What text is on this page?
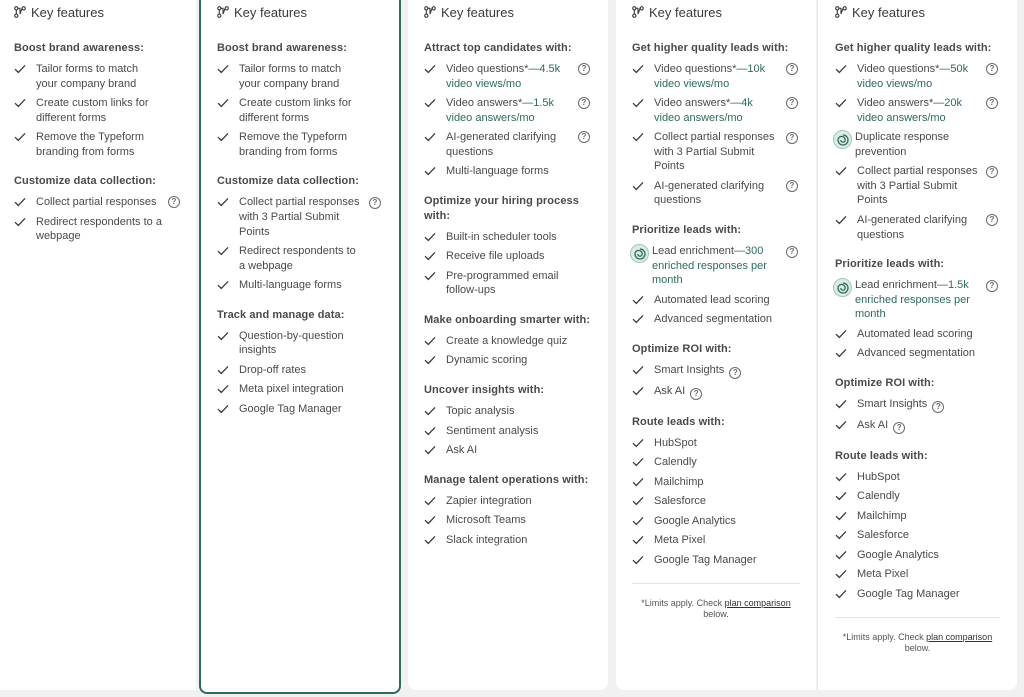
Key features
Boost brand awareness:
Tailor forms to match your company brand
Create custom links for different forms
Remove the Typeform branding from forms
Customize data collection:
Collect partial responses	?
Redirect respondents to a webpage
Key features
Boost brand awareness:
Tailor forms to match your company brand
Create custom links for different forms
Remove the Typeform branding from forms
Customize data collection:
Collect partial responses with 3 Partial Submit Points
?
Redirect respondents to a webpage
Multi-language forms
Track and manage data:
Question-by-question insights
Drop-off rates
Meta pixel integration
Google Tag Manager
Key features
Attract top candidates with:
Video questions*—4.5k video views/mo
?
Video answers*—1.5k video answers/mo
?
AI-generated clarifying questions
?
Multi-language forms
Optimize your hiring process with:
Built-in scheduler tools
Receive file uploads
Pre-programmed email follow-ups
Make onboarding smarter with:
Create a knowledge quiz
Dynamic scoring
Uncover insights with:
Topic analysis
Sentiment analysis
Ask AI
Manage talent operations with:
Zapier integration
Microsoft Teams
Slack integration
Key features
Get higher quality leads with:
Video questions*—10k video views/mo
?
Video answers*—4k video answers/mo
?
Collect partial responses with 3 Partial Submit Points
?
AI-generated clarifying questions
?
Prioritize leads with:
Lead enrichment—300 enriched responses per month
?
Automated lead scoring
Advanced segmentation
Optimize ROI with:
Smart Insights ?
Ask AI ?
Route leads with:
HubSpot
Calendly
Mailchimp
Salesforce
Google Analytics
Meta Pixel
Google Tag Manager
*Limits apply. Check plan comparison
below.
Key features
Get higher quality leads with:
Video questions*—50k video views/mo
?
Video answers*—20k video answers/mo
?
Duplicate response prevention
Collect partial responses with 3 Partial Submit Points
?
AI-generated clarifying questions
?
Prioritize leads with:
Lead enrichment—1.5k enriched responses per month
?
Automated lead scoring
Advanced segmentation
Optimize ROI with:
Smart Insights ?
Ask AI ?
Route leads with:
HubSpot
Calendly
Mailchimp
Salesforce
Google Analytics
Meta Pixel
Google Tag Manager
*Limits apply. Check plan comparison
below.
